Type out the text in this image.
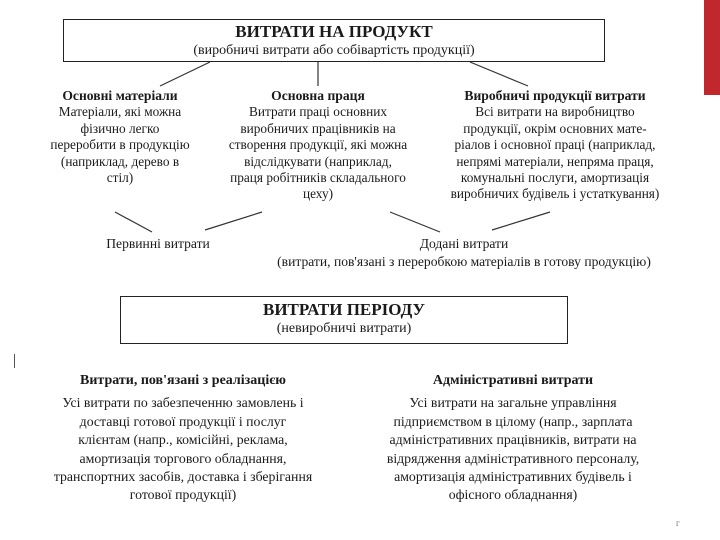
ВИТРАТИ НА ПРОДУКТ
(виробничі витрати або собівартість продукції)
Основні матеріали
Матеріали, які можна
фізично легко
переробити в продукцію
(наприклад, дерево в
стіл)
Основна праця
Витрати праці основних
виробничих працівників на
створення продукції, які можна
відслідкувати (наприклад,
праця робітників складального
цеху)
Виробничі продукції витрати
Всі витрати на виробництво
продукції, окрім основних мате-
ріалов і основної праці (наприклад,
непрямі матеріали, непряма праця,
комунальні послуги, амортизація
виробничих будівель і устаткування)
Первинні витрати	Додані витрати
(витрати, пов'язані з переробкою матеріалів в готову продукцію)
ВИТРАТИ ПЕРІОДУ
(невиробничі витрати)
Витрати, пов'язані з реалізацією
Усі витрати по забезпеченню замовлень і
доставці готової продукції і послуг
клієнтам (напр., комісійні, реклама,
амортизація торгового обладнання,
транспортних засобів, доставка і зберігання
готової продукції)
Адміністративні витрати
Усі витрати на загальне управління
підприємством в цілому (напр., зарплата
адміністративних працівників, витрати на
відрядження адміністративного персоналу,
амортизація адміністративних будівель і
офісного обладнання)
г
